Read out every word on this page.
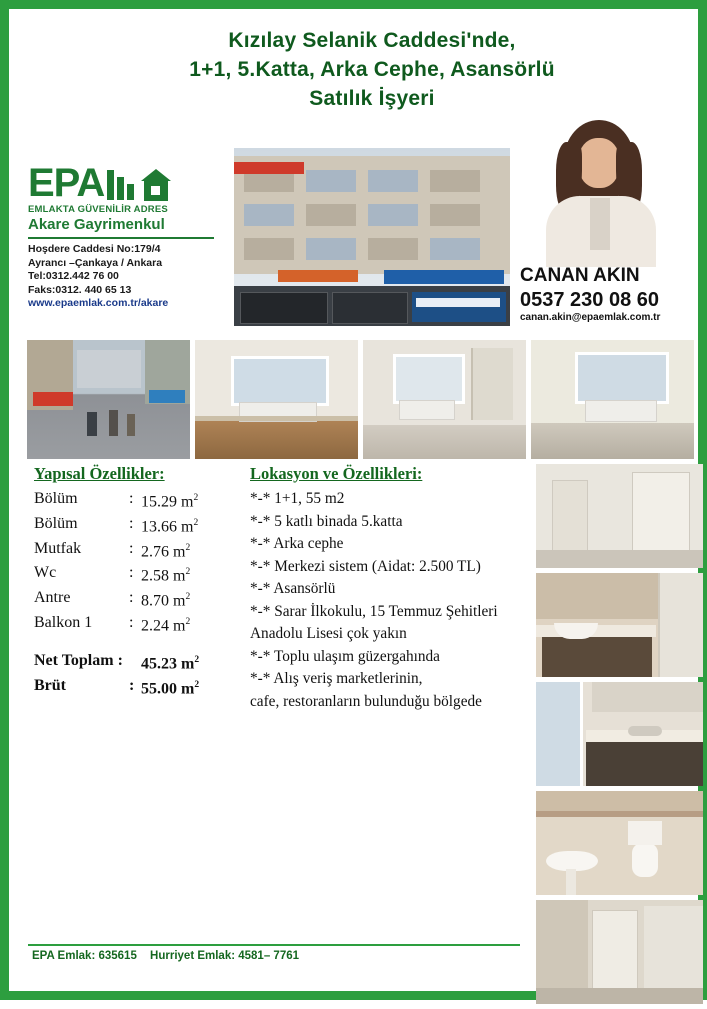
Kızılay Selanik Caddesi'nde,
1+1, 5.Katta, Arka Cephe, Asansörlü
Satılık İşyeri
EPA
EMLAKTA GÜVENİLİR ADRES
Akare Gayrimenkul
Hoşdere Caddesi No:179/4
Ayrancı –Çankaya / Ankara
Tel:0312.442 76 00
Faks:0312. 440 65 13
www.epaemlak.com.tr/akare
CANAN AKIN
0537 230 08 60
canan.akin@epaemlak.com.tr
Yapısal Özellikler:
Bölüm	: 15.29 $m^2$
Bölüm	: 13.66 $m^2$
Mutfak	: 2.76 $m^2$
Wc	: 2.58 $m^2$
Antre	: 8.70 $m^2$
Balkon 1	: 2.24 $m^2$
Net Toplam :	45.23 $m^2$
Brüt	: 55.00 $m^2$
Lokasyon ve Özellikleri:
*-* 1+1, 55 m2
*-* 5 katlı binada 5.katta
*-* Arka cephe
*-* Merkezi sistem (Aidat: 2.500 TL)
*-* Asansörlü
*-* Sarar İlkokulu, 15 Temmuz Şehitleri
Anadolu Lisesi çok yakın
*-* Toplu ulaşım güzergahında
*-* Alış veriş marketlerinin,
cafe, restoranların bulunduğu bölgede
EPA Emlak: 635615 Hurriyet Emlak: 4581– 7761
